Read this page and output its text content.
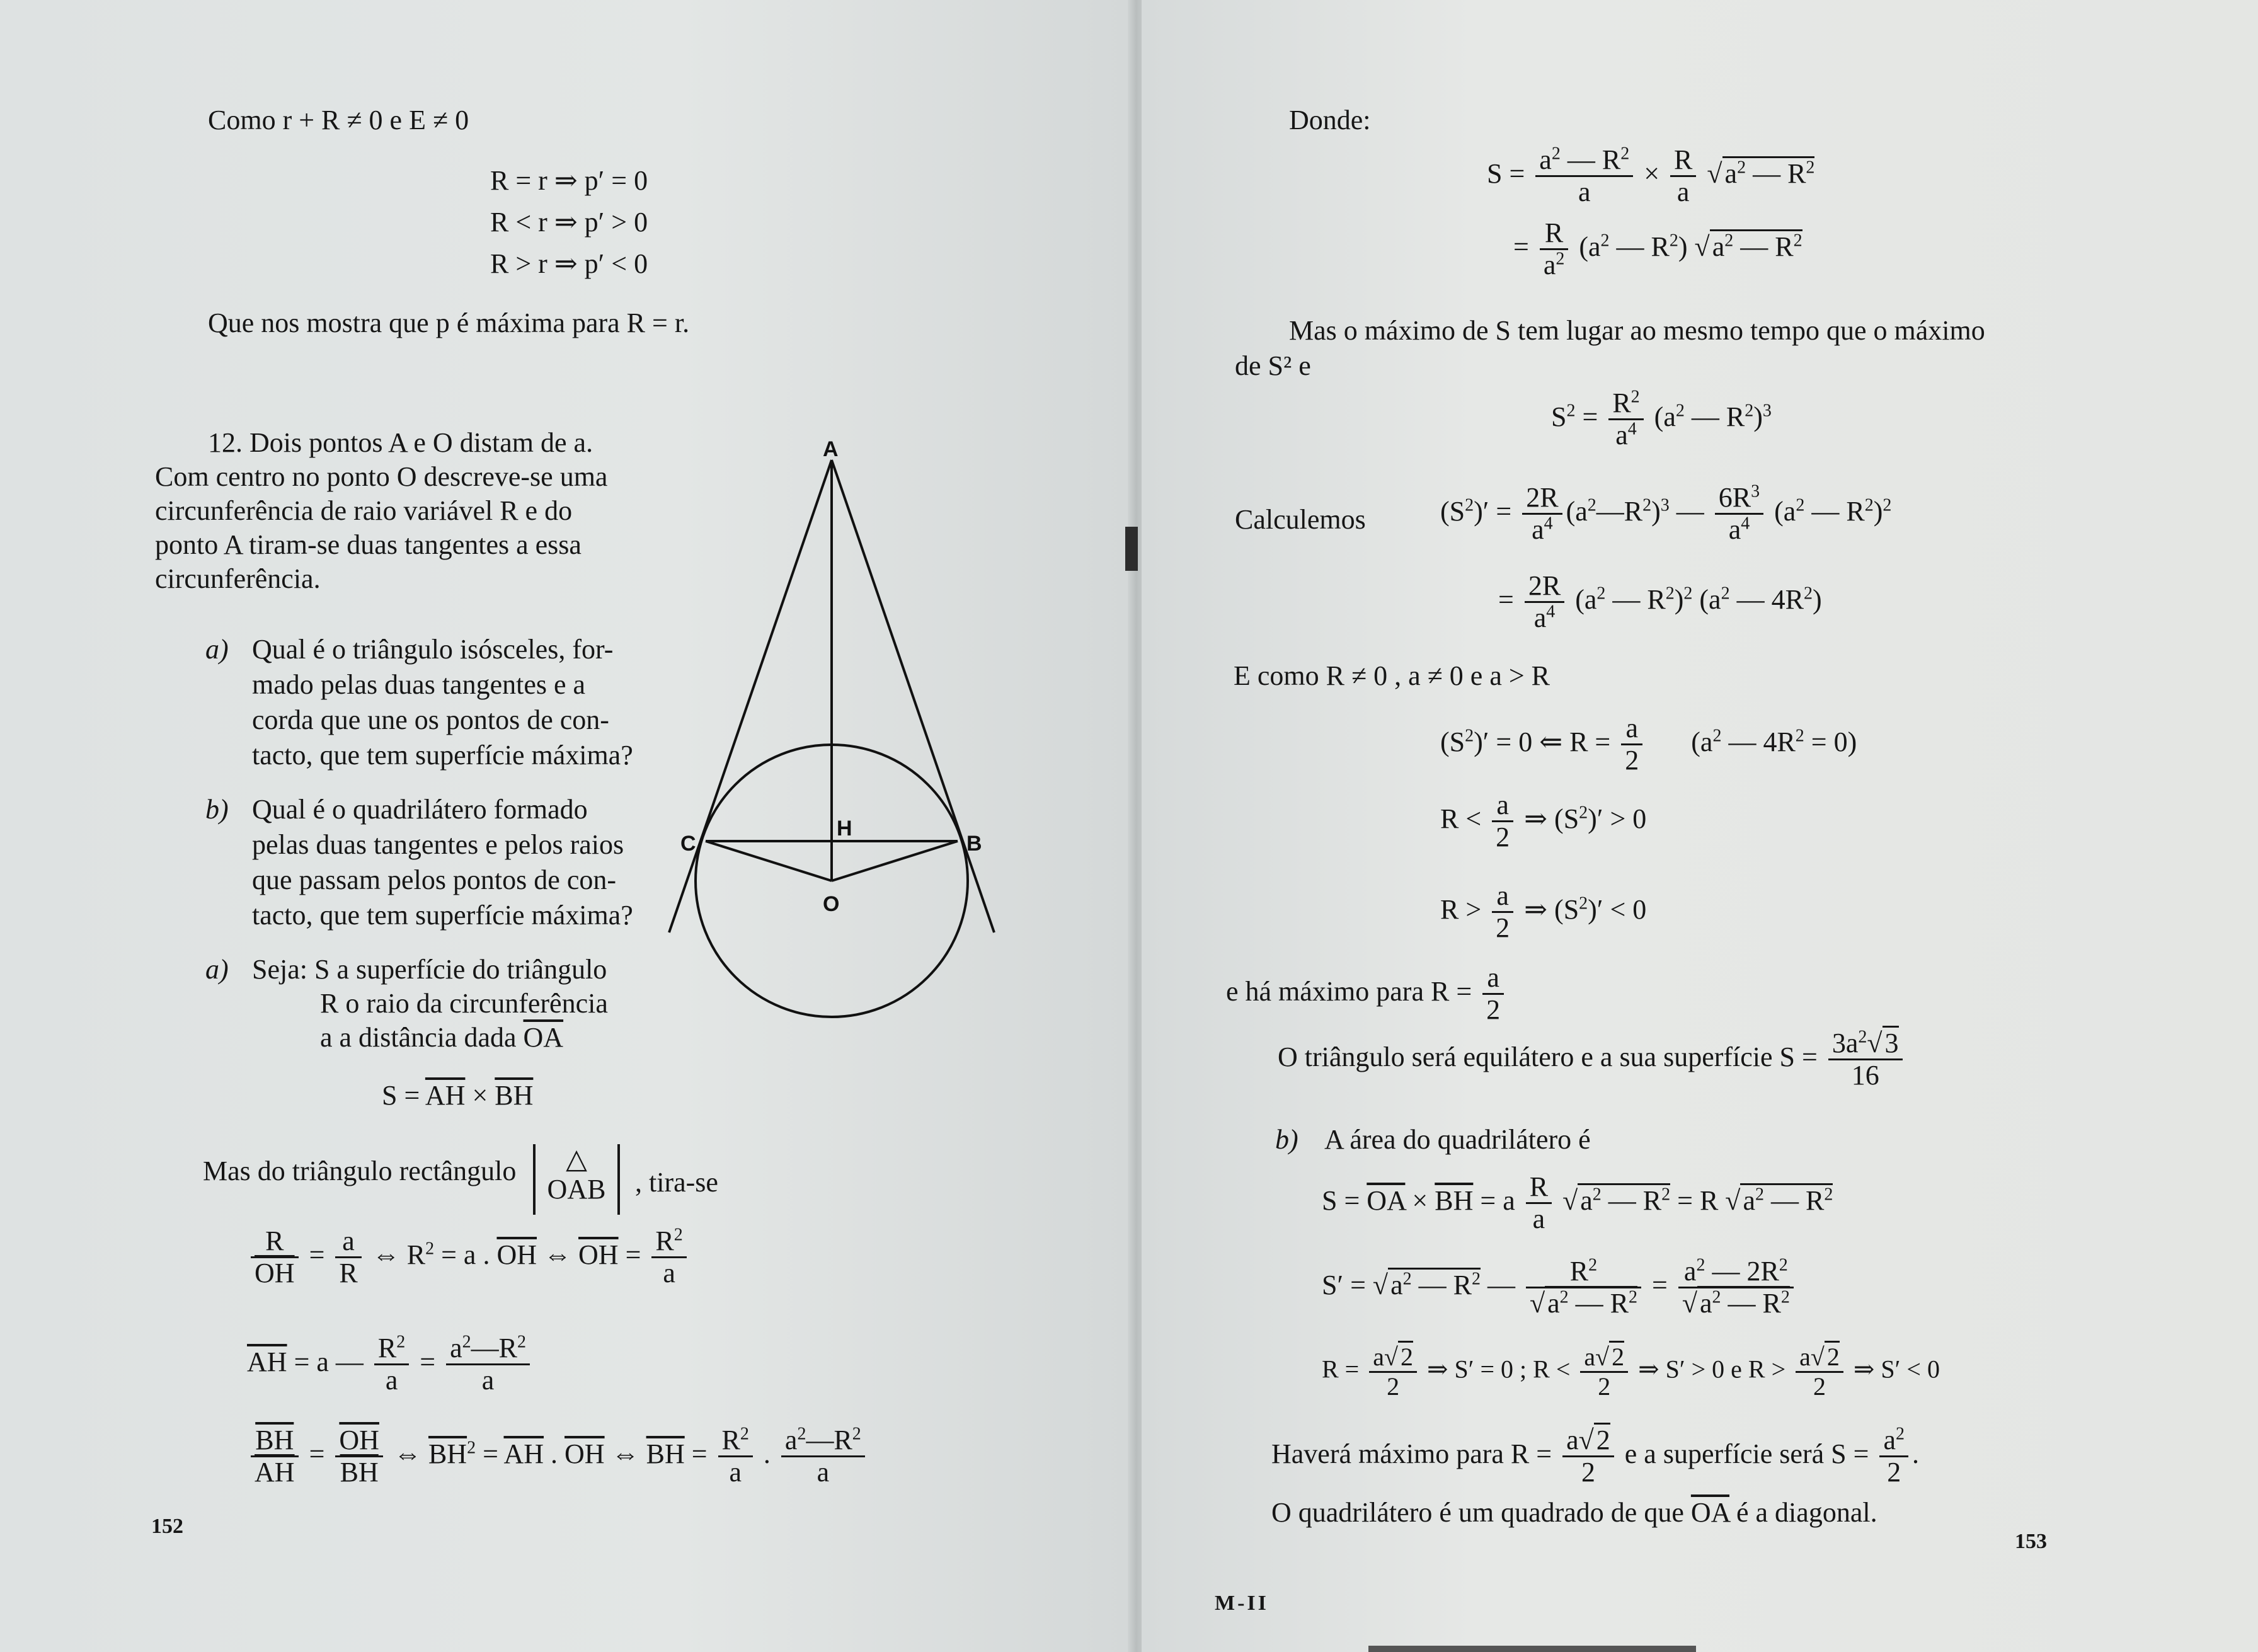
Como r + R ≠ 0 e E ≠ 0
R = r ⇒ p′ = 0
R < r ⇒ p′ > 0
R > r ⇒ p′ < 0
Que nos mostra que p é máxima para R = r.
12. Dois pontos A e O distam de a.
Com centro no ponto O descreve-se uma
circunferência de raio variável R e do
ponto A tiram-se duas tangentes a essa
circunferência.
a) Qual é o triângulo isósceles, for-
mado pelas duas tangentes e a
corda que une os pontos de con-
tacto, que tem superfície máxima?
b) Qual é o quadrilátero formado
pelas duas tangentes e pelos raios
que passam pelos pontos de con-
tacto, que tem superfície máxima?
a) Seja: S a superfície do triângulo
R o raio da circunferência
a a distância dada $\overline{OA}$
$S = \overline{AH} \times \overline{BH}$
Mas do triângulo rectângulo	△
OAB	, tira-se
$\frac{R}{OH} = \frac{a}{R}$ ⇔ $R^2 = a$ . $\overline{OH}$ ⇔ $\overline{OH} = \frac{R^2}{a}$
$\overline{AH} = a$ — $\frac{R^2}{a} = \frac{a^2—R^2}{a}$
$\frac{\overline{BH}}{AH} = \frac{\overline{OH}}{BH}$ ⇔ $\overline{BH}^2 = \overline{AH}$ . $\overline{OH}$ ⇔ $\overline{BH} = \frac{R^2}{a}$ . $\frac{a^2—R^2}{a}$
152
A
C
H
B
O
Donde:
$S = \frac{a^2 — R^2}{a} \times \frac{R}{a} √a^2$ — $R^2$
= $\frac{R}{a^2} (a^2$ — $R^2$) $√a^2$ — $R^2$
Mas o máximo de S tem lugar ao mesmo tempo que o máximo
de S² e
$S^2 = \frac{R^2}{a^4} (a^2$ — $R^2)^3$
Calculemos	$(S^2)' = \frac{2R}{a^4}$ $(a^2—R^2)^3$ — $\frac{6R^3}{a^4} (a^2$ — $R^2)^2$
= $\frac{2R}{a^4} (a^2$ — $R^2)^2$ ($a^2$ — $4R^2$)
E como R ≠ 0 , a ≠ 0 e a > R
$(S^2)' = 0$ ⇐ $R = \frac{a}{2} (a^2$ — $4R^2 = 0$)
$R < \frac{a}{2}$ ⇒ $(S^2)' > 0$
$R > \frac{a}{2}$ ⇒ $(S^2)' < 0$
e há máximo para $R = \frac{a}{2}$
O triângulo será equilátero e a sua superfície $S = \frac{3a^2√3}{16}$
b) A área do quadrilátero é
$S = \overline{OA} \times \overline{BH} = a \frac{R}{a} √a^2$ — $R^2 = R$ $√a^2$ — $R^2$
$S' = √a^2$ — $R^2$ — $\frac{R^2}{√a^2 — R^2} = \frac{a^2 — 2R^2}{√a^2 — R^2}$
$R = \frac{a√ 2}{2}$ ⇒ S′ = 0 ; $R < \frac{a√ 2}{2}$ ⇒ S′ > 0 e $R > \frac{a√ 2}{2}$ ⇒ S′ < 0
Haverá máximo para $R = \frac{a√2}{2}$ e a superfície será $S = \frac{a^2}{2}$ .
O quadrilátero é um quadrado de que $\overline{OA}$ é a diagonal.
153
M-II
